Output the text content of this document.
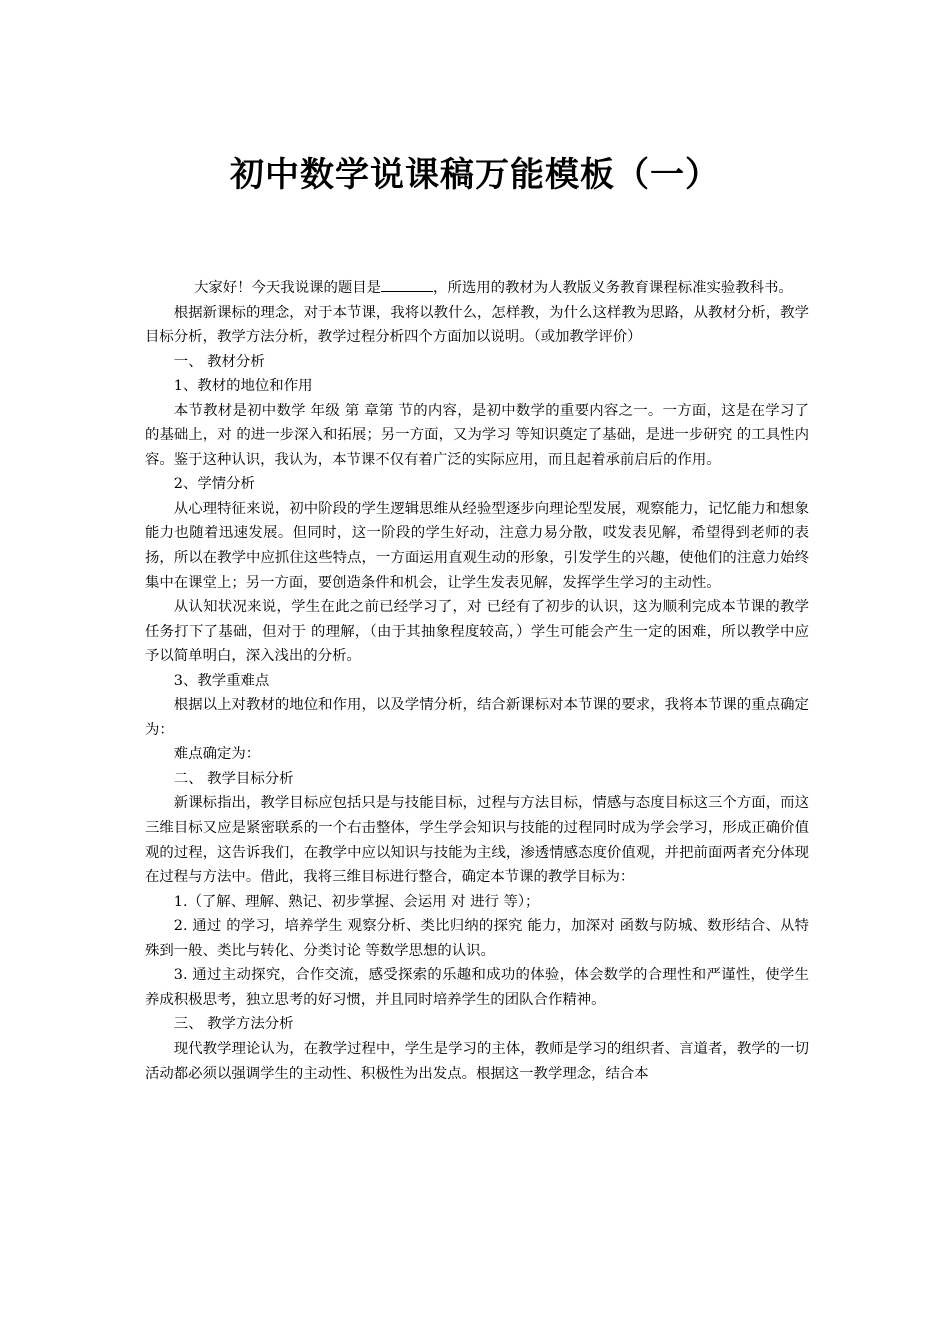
初中数学说课稿万能模板（一）

大家好！今天我说课的题目是	，所选用的教材为人教版义务教育课程标准实验教科书。

根据新课标的理念，对于本节课，我将以教什么，怎样教，为什么这样教为思路，从教材分析，教学目标分析，教学方法分析，教学过程分析四个方面加以说明。（或加教学评价）

一、 教材分析

1、教材的地位和作用

本节教材是初中数学 年级 第 章第 节的内容，是初中数学的重要内容之一。一方面，这是在学习了 的基础上，对 的进一步深入和拓展；另一方面，又为学习 等知识奠定了基础，是进一步研究 的工具性内容。鉴于这种认识，我认为，本节课不仅有着广泛的实际应用，而且起着承前启后的作用。

2、学情分析

从心理特征来说，初中阶段的学生逻辑思维从经验型逐步向理论型发展，观察能力，记忆能力和想象能力也随着迅速发展。但同时，这一阶段的学生好动，注意力易分散，哎发表见解，希望得到老师的表扬，所以在教学中应抓住这些特点，一方面运用直观生动的形象，引发学生的兴趣，使他们的注意力始终集中在课堂上；另一方面，要创造条件和机会，让学生发表见解，发挥学生学习的主动性。

从认知状况来说，学生在此之前已经学习了，对 已经有了初步的认识，这为顺利完成本节课的教学任务打下了基础，但对于 的理解，（由于其抽象程度较高，）学生可能会产生一定的困难，所以教学中应予以简单明白，深入浅出的分析。

3、教学重难点

根据以上对教材的地位和作用，以及学情分析，结合新课标对本节课的要求，我将本节课的重点确定为：

难点确定为：

二、 教学目标分析

新课标指出，教学目标应包括只是与技能目标，过程与方法目标，情感与态度目标这三个方面，而这三维目标又应是紧密联系的一个右击整体，学生学会知识与技能的过程同时成为学会学习，形成正确价值观的过程，这告诉我们，在教学中应以知识与技能为主线，渗透情感态度价值观，并把前面两者充分体现在过程与方法中。借此，我将三维目标进行整合，确定本节课的教学目标为：

1.（了解、理解、熟记、初步掌握、会运用 对 进行 等）；

2. 通过 的学习，培养学生 观察分析、类比归纳的探究 能力，加深对 函数与防城、数形结合、从特殊到一般、类比与转化、分类讨论 等数学思想的认识。

3. 通过主动探究，合作交流，感受探索的乐趣和成功的体验，体会数学的合理性和严谨性，使学生养成积极思考，独立思考的好习惯，并且同时培养学生的团队合作精神。

三、 教学方法分析

现代教学理论认为，在教学过程中，学生是学习的主体，教师是学习的组织者、言道者，教学的一切活动都必须以强调学生的主动性、积极性为出发点。根据这一教学理念，结合本
